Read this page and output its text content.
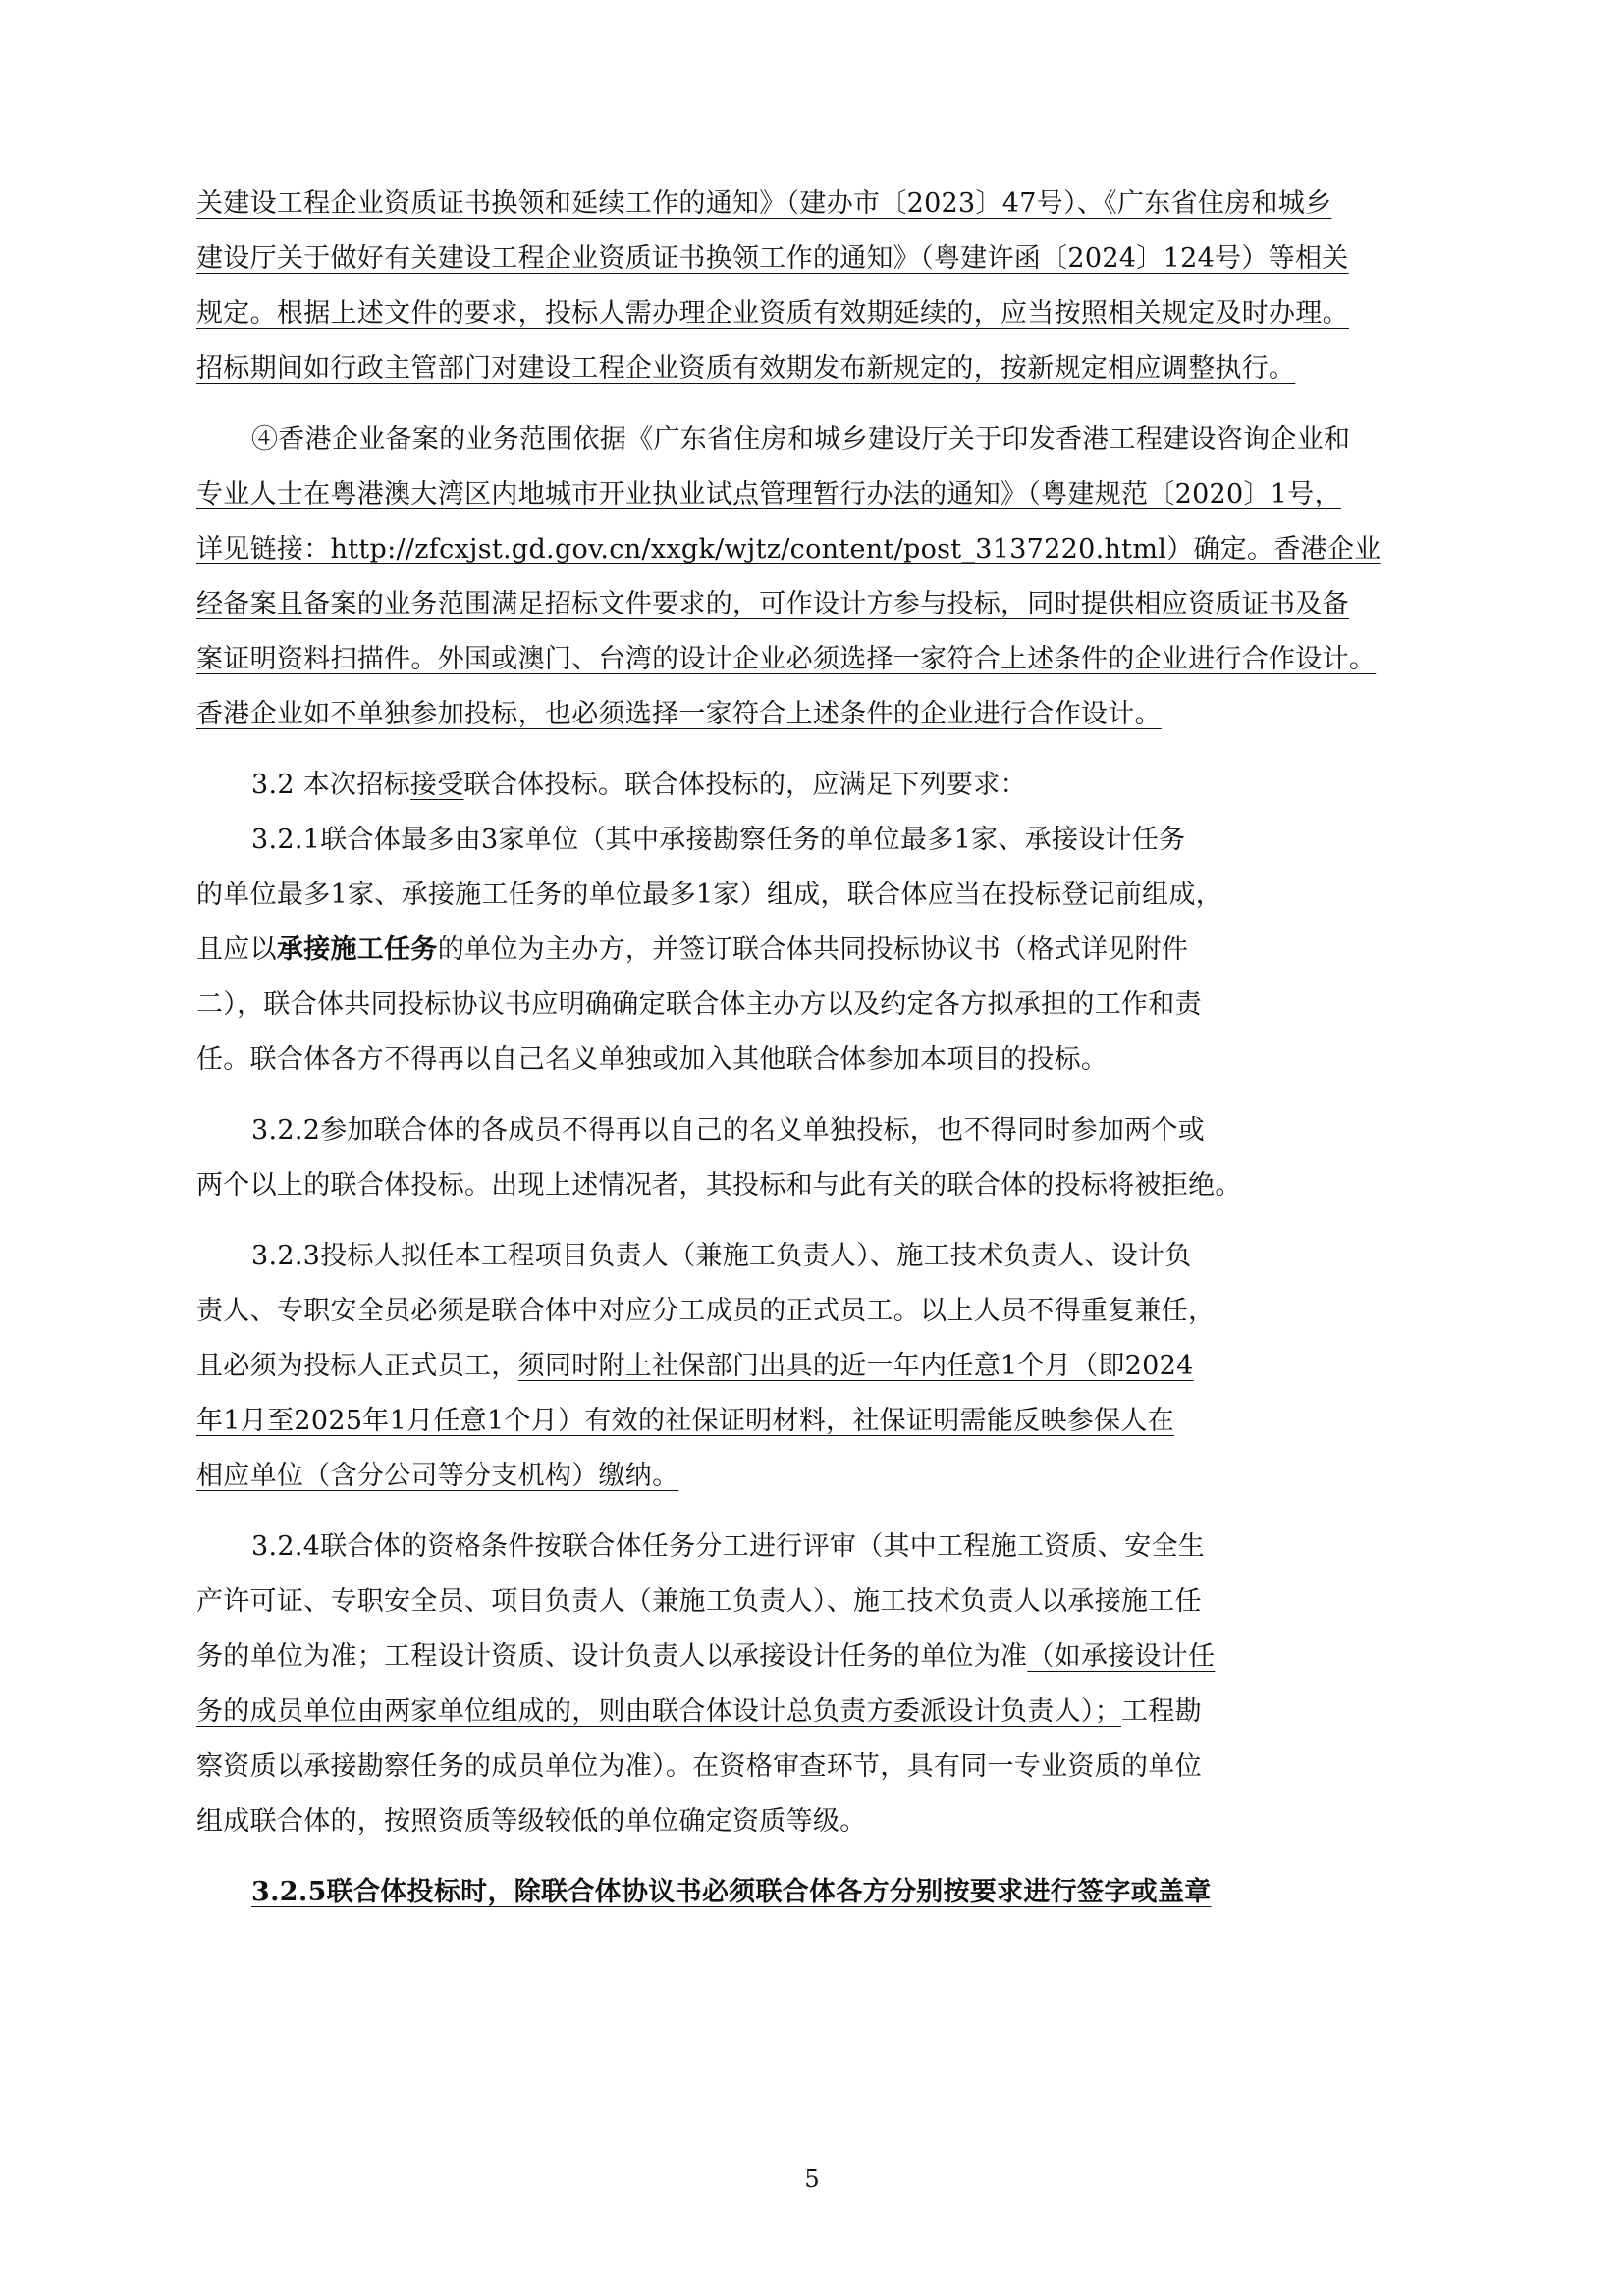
关建设工程企业资质证书换领和延续工作的通知》（建办市〔2023〕47号）、《广东省住房和城乡
建设厅关于做好有关建设工程企业资质证书换领工作的通知》（粤建许函〔2024〕124号）等相关
规定。根据上述文件的要求，投标人需办理企业资质有效期延续的，应当按照相关规定及时办理。
招标期间如行政主管部门对建设工程企业资质有效期发布新规定的，按新规定相应调整执行。
④香港企业备案的业务范围依据《广东省住房和城乡建设厅关于印发香港工程建设咨询企业和
专业人士在粤港澳大湾区内地城市开业执业试点管理暂行办法的通知》（粤建规范〔2020〕1号，
详见链接：http://zfcxjst.gd.gov.cn/xxgk/wjtz/content/post_3137220.html）确定。香港企业
经备案且备案的业务范围满足招标文件要求的，可作设计方参与投标，同时提供相应资质证书及备
案证明资料扫描件。外国或澳门、台湾的设计企业必须选择一家符合上述条件的企业进行合作设计。
香港企业如不单独参加投标，也必须选择一家符合上述条件的企业进行合作设计。
3.2 本次招标接受联合体投标。联合体投标的，应满足下列要求：
3.2.1联合体最多由3家单位（其中承接勘察任务的单位最多1家、承接设计任务
的单位最多1家、承接施工任务的单位最多1家）组成，联合体应当在投标登记前组成，
且应以承接施工任务的单位为主办方，并签订联合体共同投标协议书（格式详见附件
二），联合体共同投标协议书应明确确定联合体主办方以及约定各方拟承担的工作和责
任。联合体各方不得再以自己名义单独或加入其他联合体参加本项目的投标。
3.2.2参加联合体的各成员不得再以自己的名义单独投标，也不得同时参加两个或
两个以上的联合体投标。出现上述情况者，其投标和与此有关的联合体的投标将被拒绝。
3.2.3投标人拟任本工程项目负责人（兼施工负责人）、施工技术负责人、设计负
责人、专职安全员必须是联合体中对应分工成员的正式员工。以上人员不得重复兼任，
且必须为投标人正式员工，须同时附上社保部门出具的近一年内任意1个月（即2024
年1月至2025年1月任意1个月）有效的社保证明材料，社保证明需能反映参保人在
相应单位（含分公司等分支机构）缴纳。
3.2.4联合体的资格条件按联合体任务分工进行评审（其中工程施工资质、安全生
产许可证、专职安全员、项目负责人（兼施工负责人）、施工技术负责人以承接施工任
务的单位为准；工程设计资质、设计负责人以承接设计任务的单位为准（如承接设计任
务的成员单位由两家单位组成的，则由联合体设计总负责方委派设计负责人）；工程勘
察资质以承接勘察任务的成员单位为准）。在资格审查环节，具有同一专业资质的单位
组成联合体的，按照资质等级较低的单位确定资质等级。
3.2.5联合体投标时，除联合体协议书必须联合体各方分别按要求进行签字或盖章
5
